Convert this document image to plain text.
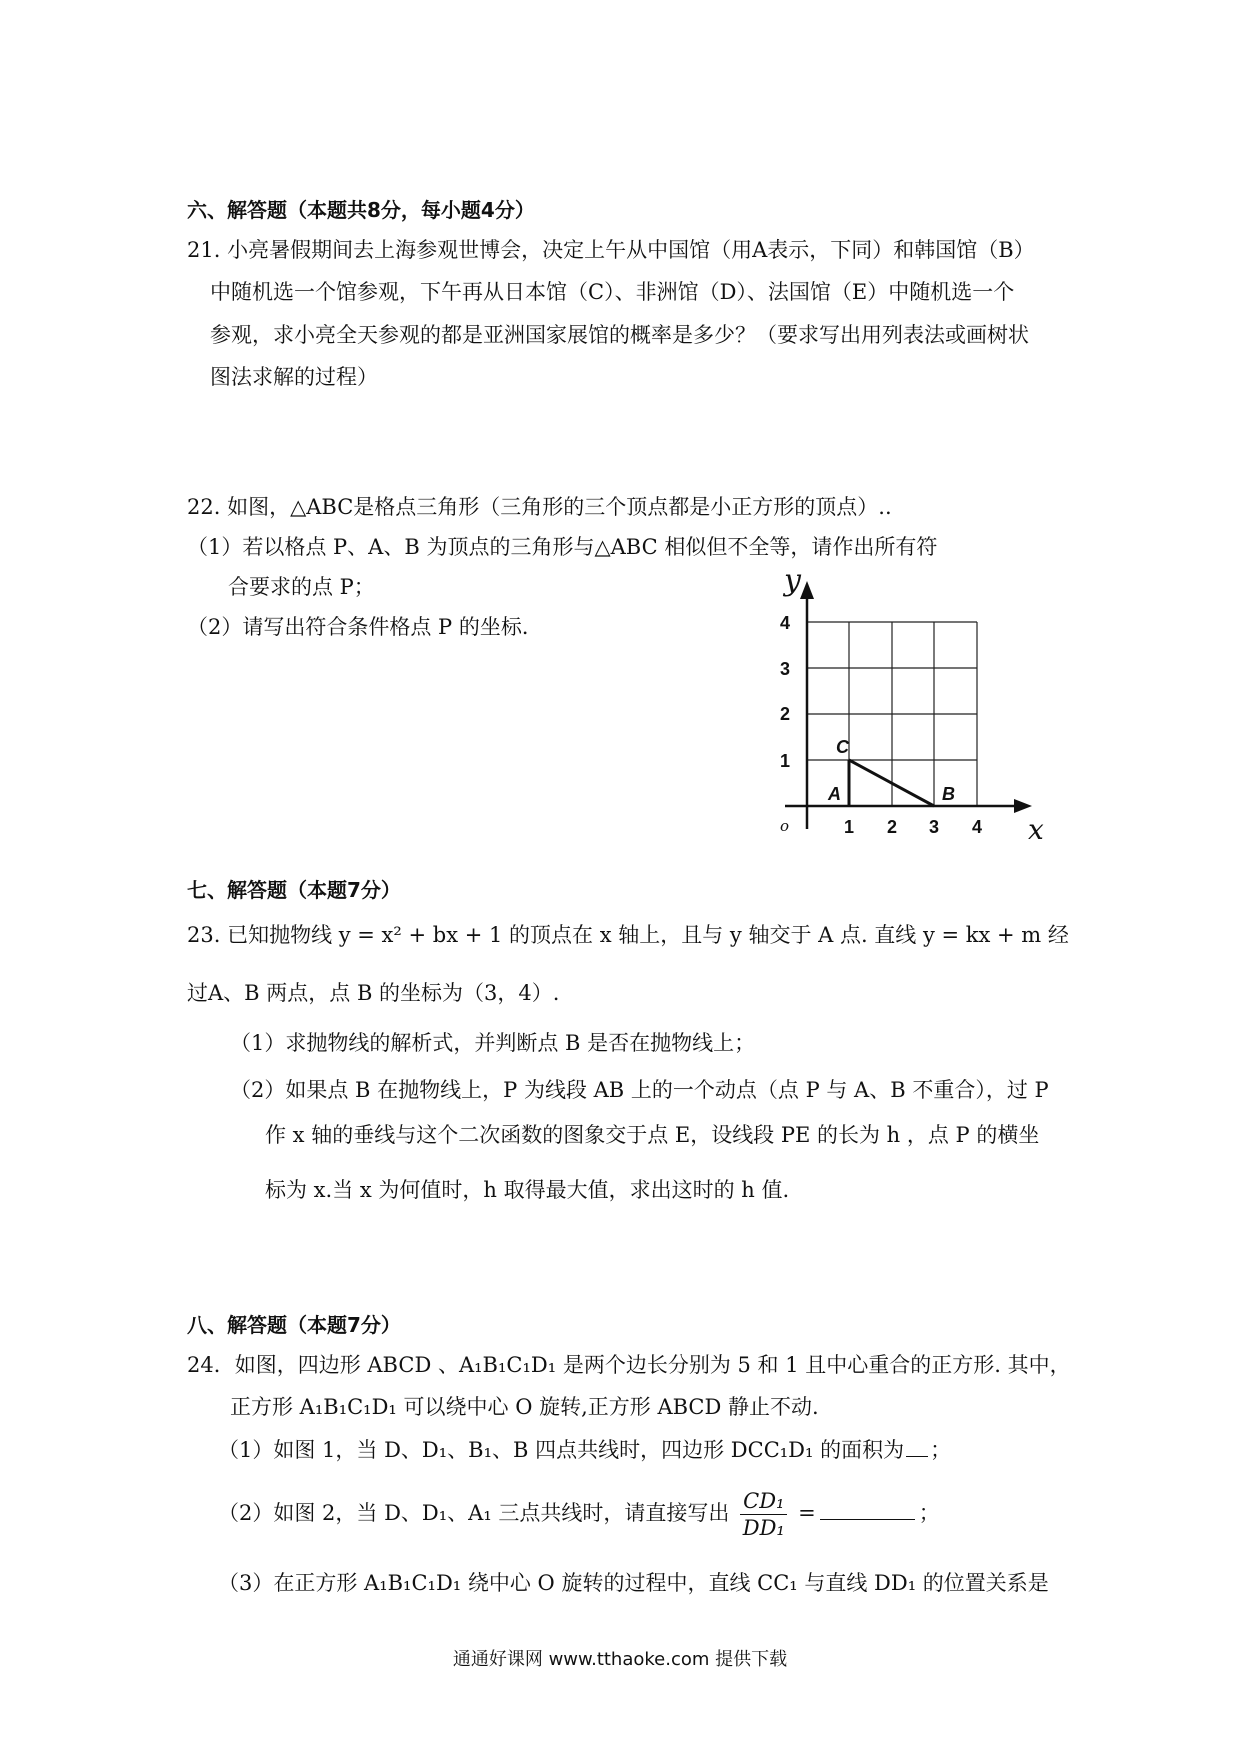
六、解答题（本题共8分，每小题4分）
21. 小亮暑假期间去上海参观世博会，决定上午从中国馆（用A表示，下同）和韩国馆（B）
中随机选一个馆参观，下午再从日本馆（C）、非洲馆（D）、法国馆（E）中随机选一个
参观，求小亮全天参观的都是亚洲国家展馆的概率是多少？（要求写出用列表法或画树状
图法求解的过程）
22. 如图，△ABC是格点三角形（三角形的三个顶点都是小正方形的顶点）..
（1）若以格点 P、A、B 为顶点的三角形与△ABC 相似但不全等，请作出所有符
合要求的点 P；
（2）请写出符合条件格点 P 的坐标．	4
3
2
1
1 2 3 4
A	B
C
o
y
x
七、解答题（本题7分）
23. 已知抛物线 y = x² + bx + 1 的顶点在 x 轴上，且与 y 轴交于 A 点. 直线 y = kx + m 经
过A、B 两点，点 B 的坐标为（3，4）.
（1）求抛物线的解析式，并判断点 B 是否在抛物线上；
（2）如果点 B 在抛物线上，P 为线段 AB 上的一个动点（点 P 与 A、B 不重合），过 P
作 x 轴的垂线与这个二次函数的图象交于点 E，设线段 PE 的长为 h ，点 P 的横坐
标为 x.当 x 为何值时，h 取得最大值，求出这时的 h 值.
八、解答题（本题7分）
24．如图，四边形 ABCD 、A₁B₁C₁D₁ 是两个边长分别为 5 和 1 且中心重合的正方形. 其中，
正方形 A₁B₁C₁D₁ 可以绕中心 O 旋转,正方形 ABCD 静止不动.
（1）如图 1，当 D、D₁、B₁、B 四点共线时，四边形 DCC₁D₁ 的面积为 ；
（2）如图 2，当 D、D₁、A₁ 三点共线时，请直接写出 $\frac{\text{CD₁}}{\text{DD₁}}$ =	；
（3）在正方形 A₁B₁C₁D₁ 绕中心 O 旋转的过程中，直线 CC₁ 与直线 DD₁ 的位置关系是
通通好课网 www.tthaoke.com 提供下载
